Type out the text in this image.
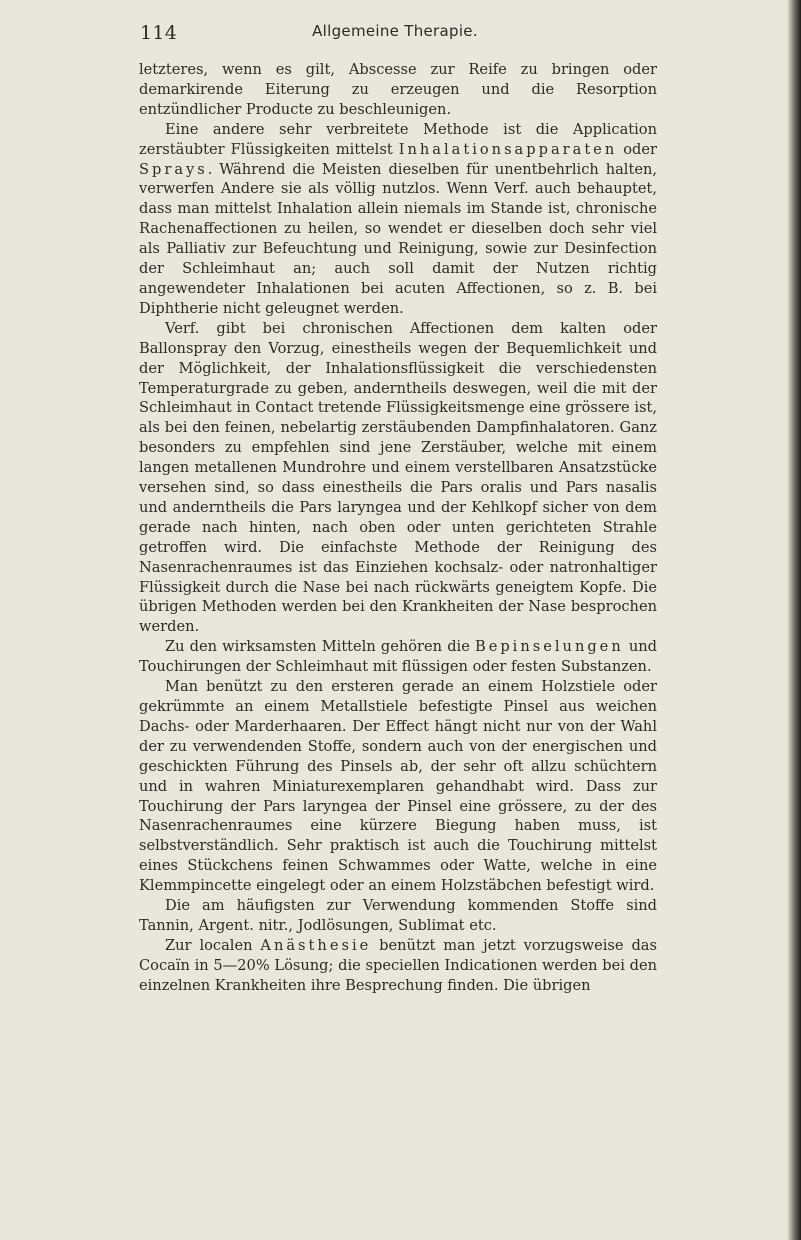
114	Allgemeine Therapie.

letzteres, wenn es gilt, Abscesse zur Reife zu bringen oder demarkirende Eiterung zu erzeugen und die Resorption entzündlicher Producte zu beschleunigen.

Eine andere sehr verbreitete Methode ist die Application zerstäubter Flüssigkeiten mittelst Inhalationsapparaten oder Sprays. Während die Meisten dieselben für unentbehrlich halten, verwerfen Andere sie als völlig nutzlos. Wenn Verf. auch behauptet, dass man mittelst Inhalation allein niemals im Stande ist, chronische Rachenaffectionen zu heilen, so wendet er dieselben doch sehr viel als Palliativ zur Befeuchtung und Reinigung, sowie zur Desinfection der Schleimhaut an; auch soll damit der Nutzen richtig angewendeter Inhalationen bei acuten Affectionen, so z. B. bei Diphtherie nicht geleugnet werden.

Verf. gibt bei chronischen Affectionen dem kalten oder Ballonspray den Vorzug, einestheils wegen der Bequemlichkeit und der Möglichkeit, der Inhalationsflüssigkeit die verschiedensten Temperaturgrade zu geben, anderntheils deswegen, weil die mit der Schleimhaut in Contact tretende Flüssigkeitsmenge eine grössere ist, als bei den feinen, nebelartig zerstäubenden Dampfinhalatoren. Ganz besonders zu empfehlen sind jene Zerstäuber, welche mit einem langen metallenen Mundrohre und einem verstellbaren Ansatzstücke versehen sind, so dass einestheils die Pars oralis und Pars nasalis und anderntheils die Pars laryngea und der Kehlkopf sicher von dem gerade nach hinten, nach oben oder unten gerichteten Strahle getroffen wird. Die einfachste Methode der Reinigung des Nasenrachenraumes ist das Einziehen kochsalz- oder natronhaltiger Flüssigkeit durch die Nase bei nach rückwärts geneigtem Kopfe. Die übrigen Methoden werden bei den Krankheiten der Nase besprochen werden.

Zu den wirksamsten Mitteln gehören die Bepinselungen und Touchirungen der Schleimhaut mit flüssigen oder festen Substanzen.

Man benützt zu den ersteren gerade an einem Holzstiele oder gekrümmte an einem Metallstiele befestigte Pinsel aus weichen Dachs- oder Marderhaaren. Der Effect hängt nicht nur von der Wahl der zu verwendenden Stoffe, sondern auch von der energischen und geschickten Führung des Pinsels ab, der sehr oft allzu schüchtern und in wahren Miniaturexemplaren gehandhabt wird. Dass zur Touchirung der Pars laryngea der Pinsel eine grössere, zu der des Nasenrachenraumes eine kürzere Biegung haben muss, ist selbstverständlich. Sehr praktisch ist auch die Touchirung mittelst eines Stückchens feinen Schwammes oder Watte, welche in eine Klemmpincette eingelegt oder an einem Holzstäbchen befestigt wird.

Die am häufigsten zur Verwendung kommenden Stoffe sind Tannin, Argent. nitr., Jodlösungen, Sublimat etc.

Zur localen Anästhesie benützt man jetzt vorzugsweise das Cocaïn in 5—20% Lösung; die speciellen Indicationen werden bei den einzelnen Krankheiten ihre Besprechung finden. Die übrigen
